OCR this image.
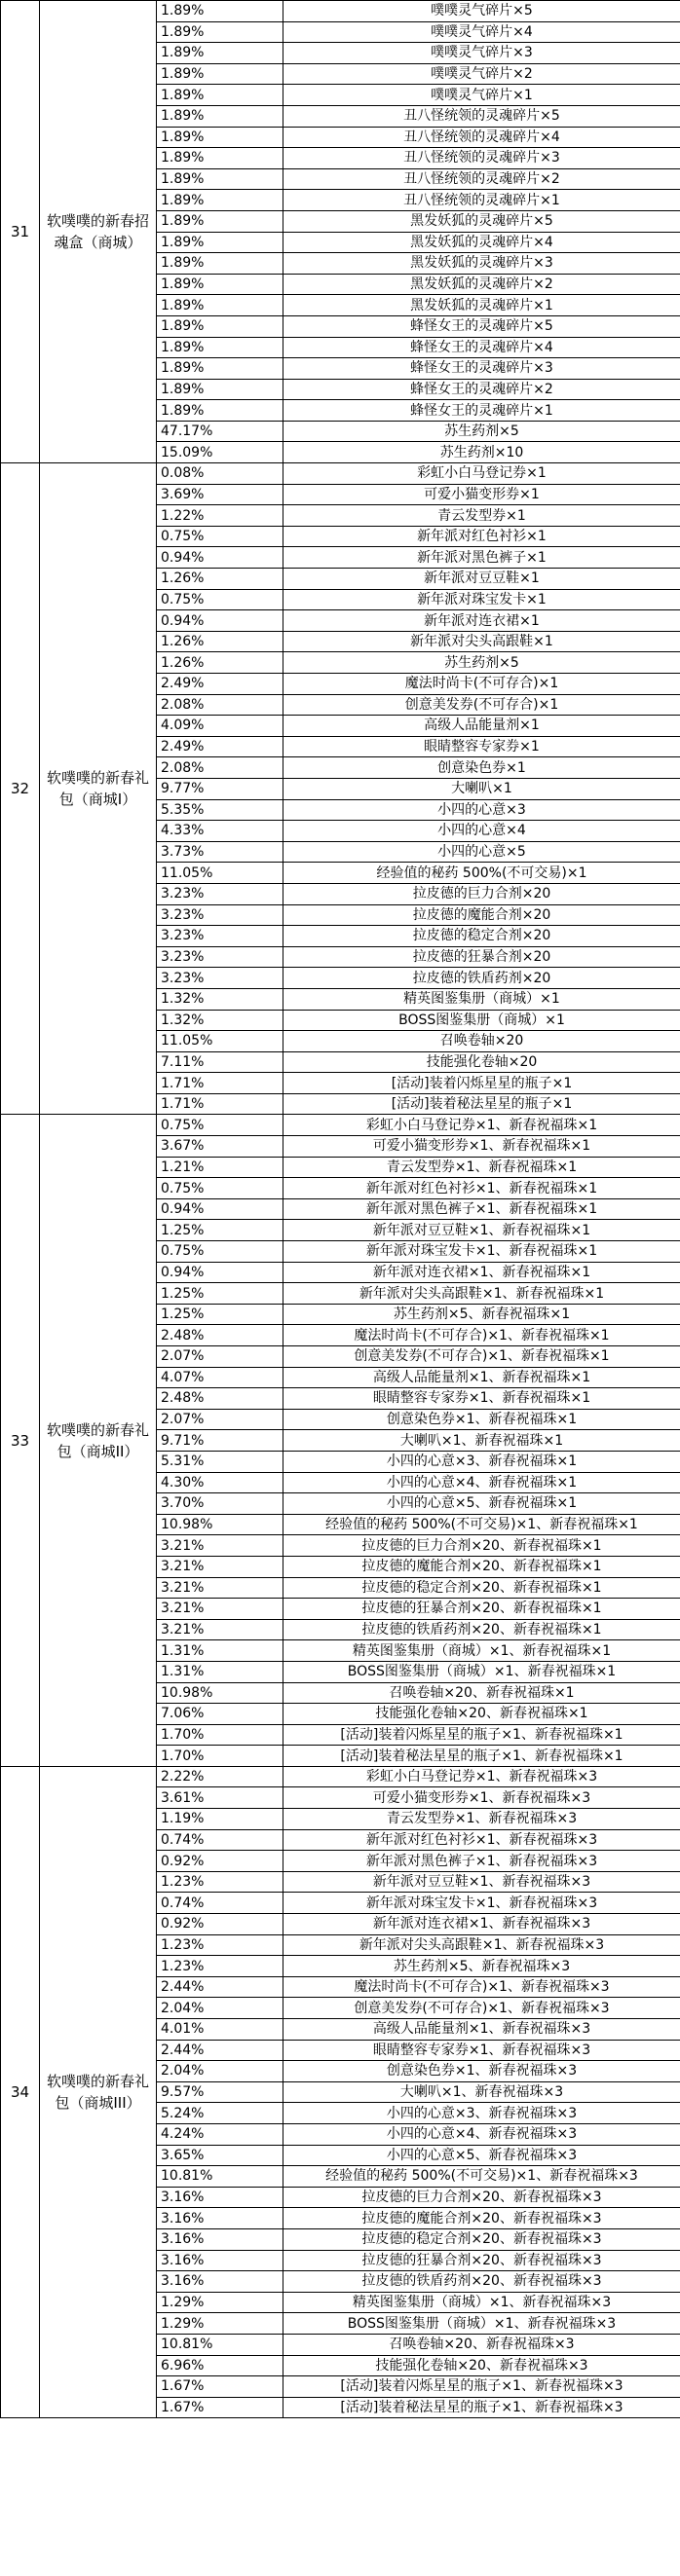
31	软噗噗的新春招魂盒（商城）	1.89%	噗噗灵气碎片×5
		1.89%	噗噗灵气碎片×4
		1.89%	噗噗灵气碎片×3
		1.89%	噗噗灵气碎片×2
		1.89%	噗噗灵气碎片×1
		1.89%	丑八怪统领的灵魂碎片×5
		1.89%	丑八怪统领的灵魂碎片×4
		1.89%	丑八怪统领的灵魂碎片×3
		1.89%	丑八怪统领的灵魂碎片×2
		1.89%	丑八怪统领的灵魂碎片×1
		1.89%	黑发妖狐的灵魂碎片×5
		1.89%	黑发妖狐的灵魂碎片×4
		1.89%	黑发妖狐的灵魂碎片×3
		1.89%	黑发妖狐的灵魂碎片×2
		1.89%	黑发妖狐的灵魂碎片×1
		1.89%	蜂怪女王的灵魂碎片×5
		1.89%	蜂怪女王的灵魂碎片×4
		1.89%	蜂怪女王的灵魂碎片×3
		1.89%	蜂怪女王的灵魂碎片×2
		1.89%	蜂怪女王的灵魂碎片×1
		47.17%	苏生药剂×5
		15.09%	苏生药剂×10
32	软噗噗的新春礼包（商城I）	0.08%	彩虹小白马登记券×1
		3.69%	可爱小猫变形券×1
		1.22%	青云发型券×1
		0.75%	新年派对红色衬衫×1
		0.94%	新年派对黑色裤子×1
		1.26%	新年派对豆豆鞋×1
		0.75%	新年派对珠宝发卡×1
		0.94%	新年派对连衣裙×1
		1.26%	新年派对尖头高跟鞋×1
		1.26%	苏生药剂×5
		2.49%	魔法时尚卡(不可存合)×1
		2.08%	创意美发券(不可存合)×1
		4.09%	高级人品能量剂×1
		2.49%	眼睛整容专家券×1
		2.08%	创意染色券×1
		9.77%	大喇叭×1
		5.35%	小四的心意×3
		4.33%	小四的心意×4
		3.73%	小四的心意×5
		11.05%	经验值的秘药 500%(不可交易)×1
		3.23%	拉皮德的巨力合剂×20
		3.23%	拉皮德的魔能合剂×20
		3.23%	拉皮德的稳定合剂×20
		3.23%	拉皮德的狂暴合剂×20
		3.23%	拉皮德的铁盾药剂×20
		1.32%	精英图鉴集册（商城）×1
		1.32%	BOSS图鉴集册（商城）×1
		11.05%	召唤卷轴×20
		7.11%	技能强化卷轴×20
		1.71%	[活动]装着闪烁星星的瓶子×1
		1.71%	[活动]装着秘法星星的瓶子×1
33	软噗噗的新春礼包（商城II）	0.75%	彩虹小白马登记券×1、新春祝福珠×1
		3.67%	可爱小猫变形券×1、新春祝福珠×1
		1.21%	青云发型券×1、新春祝福珠×1
		0.75%	新年派对红色衬衫×1、新春祝福珠×1
		0.94%	新年派对黑色裤子×1、新春祝福珠×1
		1.25%	新年派对豆豆鞋×1、新春祝福珠×1
		0.75%	新年派对珠宝发卡×1、新春祝福珠×1
		0.94%	新年派对连衣裙×1、新春祝福珠×1
		1.25%	新年派对尖头高跟鞋×1、新春祝福珠×1
		1.25%	苏生药剂×5、新春祝福珠×1
		2.48%	魔法时尚卡(不可存合)×1、新春祝福珠×1
		2.07%	创意美发券(不可存合)×1、新春祝福珠×1
		4.07%	高级人品能量剂×1、新春祝福珠×1
		2.48%	眼睛整容专家券×1、新春祝福珠×1
		2.07%	创意染色券×1、新春祝福珠×1
		9.71%	大喇叭×1、新春祝福珠×1
		5.31%	小四的心意×3、新春祝福珠×1
		4.30%	小四的心意×4、新春祝福珠×1
		3.70%	小四的心意×5、新春祝福珠×1
		10.98%	经验值的秘药 500%(不可交易)×1、新春祝福珠×1
		3.21%	拉皮德的巨力合剂×20、新春祝福珠×1
		3.21%	拉皮德的魔能合剂×20、新春祝福珠×1
		3.21%	拉皮德的稳定合剂×20、新春祝福珠×1
		3.21%	拉皮德的狂暴合剂×20、新春祝福珠×1
		3.21%	拉皮德的铁盾药剂×20、新春祝福珠×1
		1.31%	精英图鉴集册（商城）×1、新春祝福珠×1
		1.31%	BOSS图鉴集册（商城）×1、新春祝福珠×1
		10.98%	召唤卷轴×20、新春祝福珠×1
		7.06%	技能强化卷轴×20、新春祝福珠×1
		1.70%	[活动]装着闪烁星星的瓶子×1、新春祝福珠×1
		1.70%	[活动]装着秘法星星的瓶子×1、新春祝福珠×1
34	软噗噗的新春礼包（商城III）	2.22%	彩虹小白马登记券×1、新春祝福珠×3
		3.61%	可爱小猫变形券×1、新春祝福珠×3
		1.19%	青云发型券×1、新春祝福珠×3
		0.74%	新年派对红色衬衫×1、新春祝福珠×3
		0.92%	新年派对黑色裤子×1、新春祝福珠×3
		1.23%	新年派对豆豆鞋×1、新春祝福珠×3
		0.74%	新年派对珠宝发卡×1、新春祝福珠×3
		0.92%	新年派对连衣裙×1、新春祝福珠×3
		1.23%	新年派对尖头高跟鞋×1、新春祝福珠×3
		1.23%	苏生药剂×5、新春祝福珠×3
		2.44%	魔法时尚卡(不可存合)×1、新春祝福珠×3
		2.04%	创意美发券(不可存合)×1、新春祝福珠×3
		4.01%	高级人品能量剂×1、新春祝福珠×3
		2.44%	眼睛整容专家券×1、新春祝福珠×3
		2.04%	创意染色券×1、新春祝福珠×3
		9.57%	大喇叭×1、新春祝福珠×3
		5.24%	小四的心意×3、新春祝福珠×3
		4.24%	小四的心意×4、新春祝福珠×3
		3.65%	小四的心意×5、新春祝福珠×3
		10.81%	经验值的秘药 500%(不可交易)×1、新春祝福珠×3
		3.16%	拉皮德的巨力合剂×20、新春祝福珠×3
		3.16%	拉皮德的魔能合剂×20、新春祝福珠×3
		3.16%	拉皮德的稳定合剂×20、新春祝福珠×3
		3.16%	拉皮德的狂暴合剂×20、新春祝福珠×3
		3.16%	拉皮德的铁盾药剂×20、新春祝福珠×3
		1.29%	精英图鉴集册（商城）×1、新春祝福珠×3
		1.29%	BOSS图鉴集册（商城）×1、新春祝福珠×3
		10.81%	召唤卷轴×20、新春祝福珠×3
		6.96%	技能强化卷轴×20、新春祝福珠×3
		1.67%	[活动]装着闪烁星星的瓶子×1、新春祝福珠×3
		1.67%	[活动]装着秘法星星的瓶子×1、新春祝福珠×3
